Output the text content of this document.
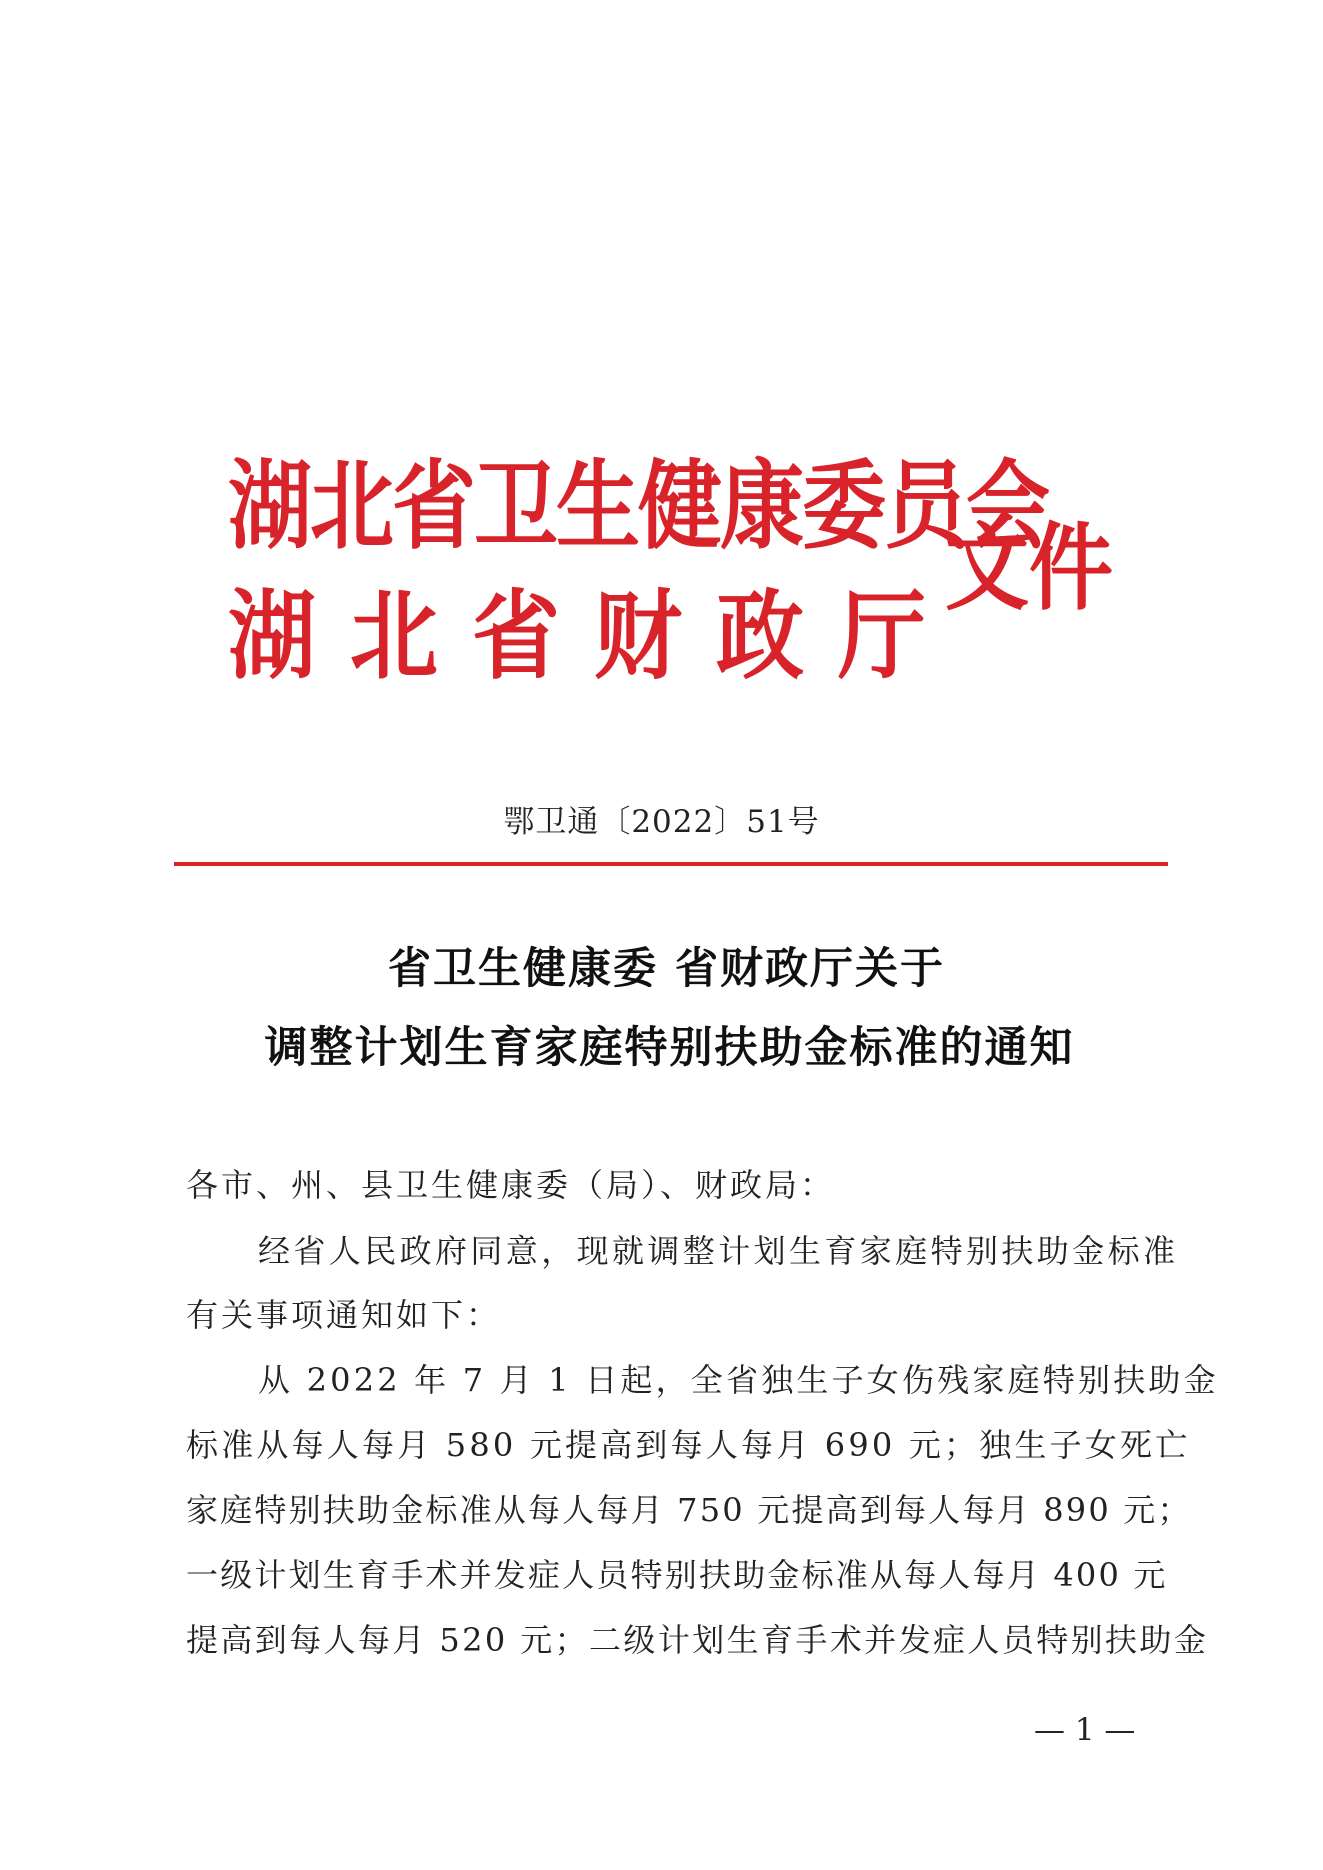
湖北省卫生健康委员会
湖北省财政厅
文件
鄂卫通〔2022〕51号
省卫生健康委 省财政厅关于
调整计划生育家庭特别扶助金标准的通知
各市、州、县卫生健康委（局）、财政局：
经省人民政府同意，现就调整计划生育家庭特别扶助金标准
有关事项通知如下：
从 2022 年 7 月 1 日起，全省独生子女伤残家庭特别扶助金
标准从每人每月 580 元提高到每人每月 690 元；独生子女死亡
家庭特别扶助金标准从每人每月 750 元提高到每人每月 890 元；
一级计划生育手术并发症人员特别扶助金标准从每人每月 400 元
提高到每人每月 520 元；二级计划生育手术并发症人员特别扶助金
— 1 —
